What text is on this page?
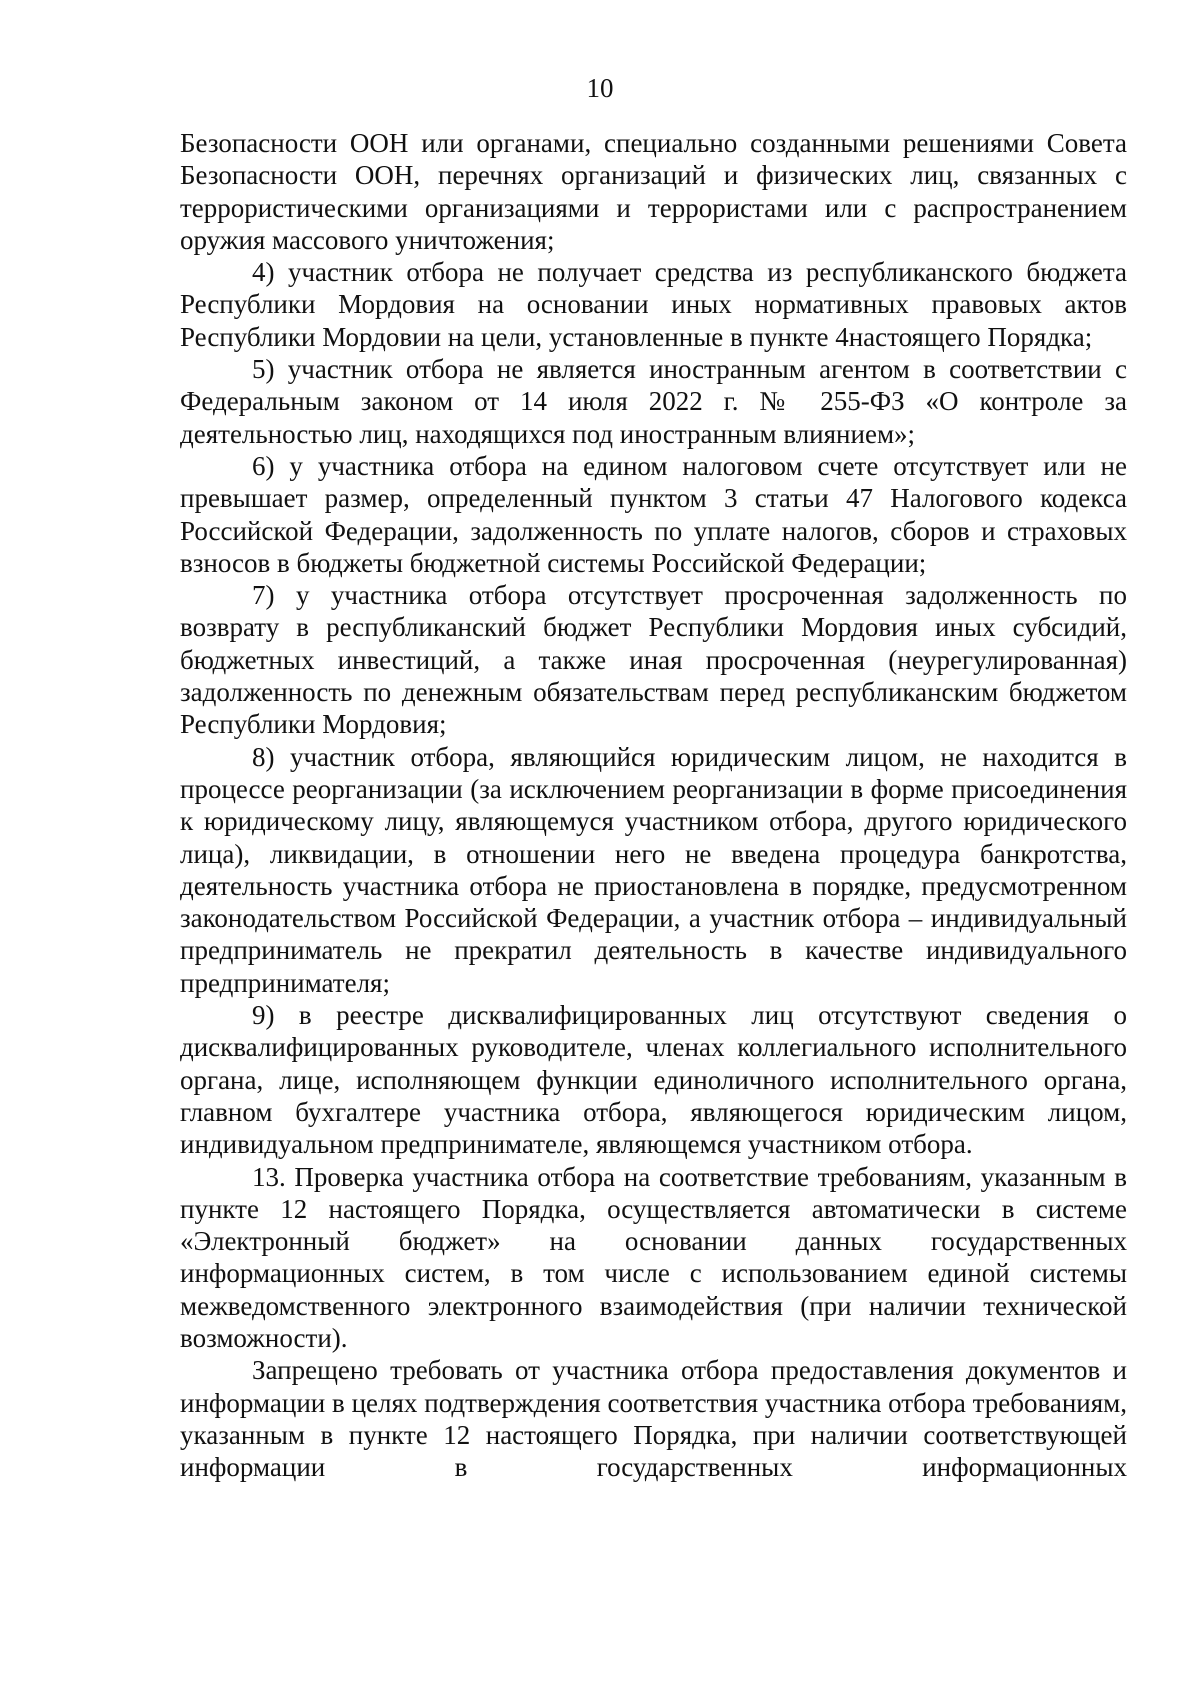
10

Безопасности ООН или органами, специально созданными решениями Совета Безопасности ООН, перечнях организаций и физических лиц, связанных с террористическими организациями и террористами или с распространением оружия массового уничтожения;

4) участник отбора не получает средства из республиканского бюджета Республики Мордовия на основании иных нормативных правовых актов Республики Мордовии на цели, установленные в пункте 4настоящего Порядка;

5) участник отбора не является иностранным агентом в соответствии с Федеральным законом от 14 июля 2022 г. № 255-ФЗ «О контроле за деятельностью лиц, находящихся под иностранным влиянием»;

6) у участника отбора на едином налоговом счете отсутствует или не превышает размер, определенный пунктом 3 статьи 47 Налогового кодекса Российской Федерации, задолженность по уплате налогов, сборов и страховых взносов в бюджеты бюджетной системы Российской Федерации;

7) у участника отбора отсутствует просроченная задолженность по возврату в республиканский бюджет Республики Мордовия иных субсидий, бюджетных инвестиций, а также иная просроченная (неурегулированная) задолженность по денежным обязательствам перед республиканским бюджетом Республики Мордовия;

8) участник отбора, являющийся юридическим лицом, не находится в процессе реорганизации (за исключением реорганизации в форме присоединения к юридическому лицу, являющемуся участником отбора, другого юридического лица), ликвидации, в отношении него не введена процедура банкротства, деятельность участника отбора не приостановлена в порядке, предусмотренном законодательством Российской Федерации, а участник отбора – индивидуальный предприниматель не прекратил деятельность в качестве индивидуального предпринимателя;

9) в реестре дисквалифицированных лиц отсутствуют сведения о дисквалифицированных руководителе, членах коллегиального исполнительного органа, лице, исполняющем функции единоличного исполнительного органа, главном бухгалтере участника отбора, являющегося юридическим лицом, индивидуальном предпринимателе, являющемся участником отбора.

13. Проверка участника отбора на соответствие требованиям, указанным в пункте 12 настоящего Порядка, осуществляется автоматически в системе «Электронный бюджет» на основании данных государственных информационных систем, в том числе с использованием единой системы межведомственного электронного взаимодействия (при наличии технической возможности).

Запрещено требовать от участника отбора предоставления документов и информации в целях подтверждения соответствия участника отбора требованиям, указанным в пункте 12 настоящего Порядка, при наличии соответствующей информации в государственных информационных
